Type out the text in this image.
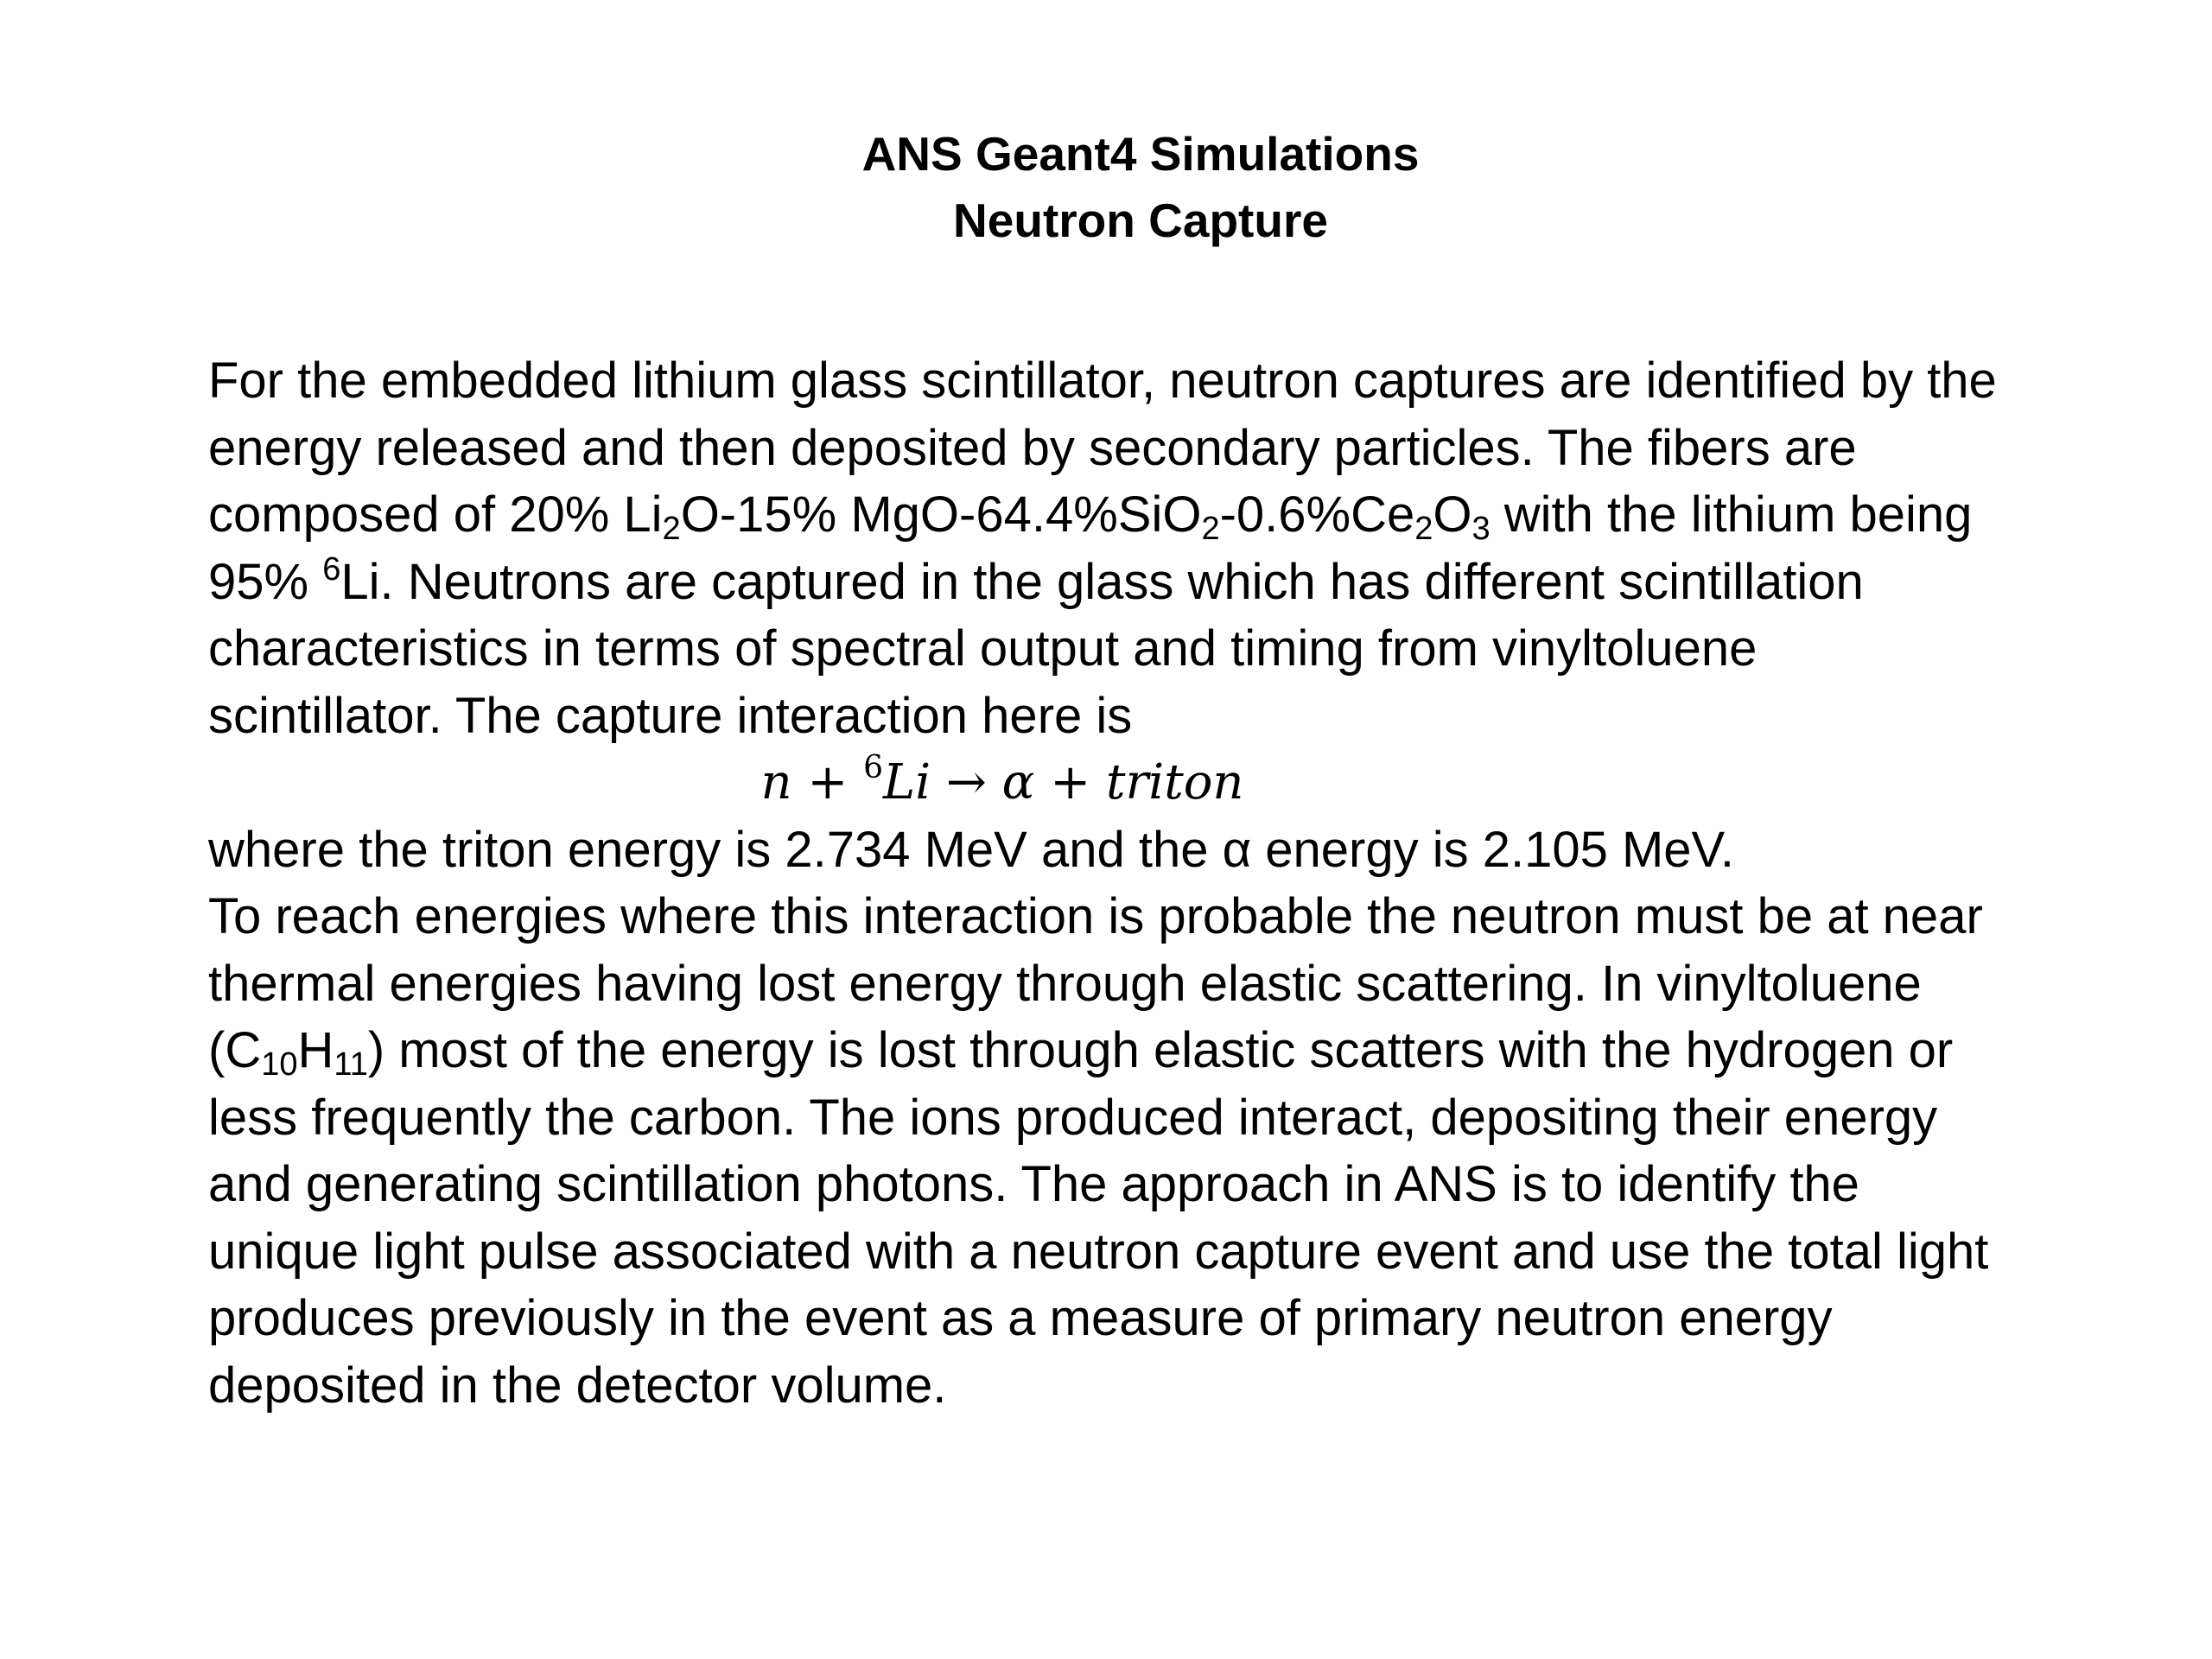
ANS Geant4 Simulations
Neutron Capture
For the embedded lithium glass scintillator, neutron captures are identified by the
energy released and then deposited by secondary particles. The fibers are
composed of 20% $Li_2O-15\%$ MgO-$64.4\%SiO_2-0.6\%Ce_2O_3$ with the lithium being
95% $^6$Li. Neutrons are captured in the glass which has different scintillation
characteristics in terms of spectral output and timing from vinyltoluene
scintillator. The capture interaction here is
n + $^6$Li → α + triton
where the triton energy is 2.734 MeV and the α energy is 2.105 MeV.
To reach energies where this interaction is probable the neutron must be at near
thermal energies having lost energy through elastic scattering. In vinyltoluene
$(C_{10}H_{11})$ most of the energy is lost through elastic scatters with the hydrogen or
less frequently the carbon. The ions produced interact, depositing their energy
and generating scintillation photons. The approach in ANS is to identify the
unique light pulse associated with a neutron capture event and use the total light
produces previously in the event as a measure of primary neutron energy
deposited in the detector volume.
